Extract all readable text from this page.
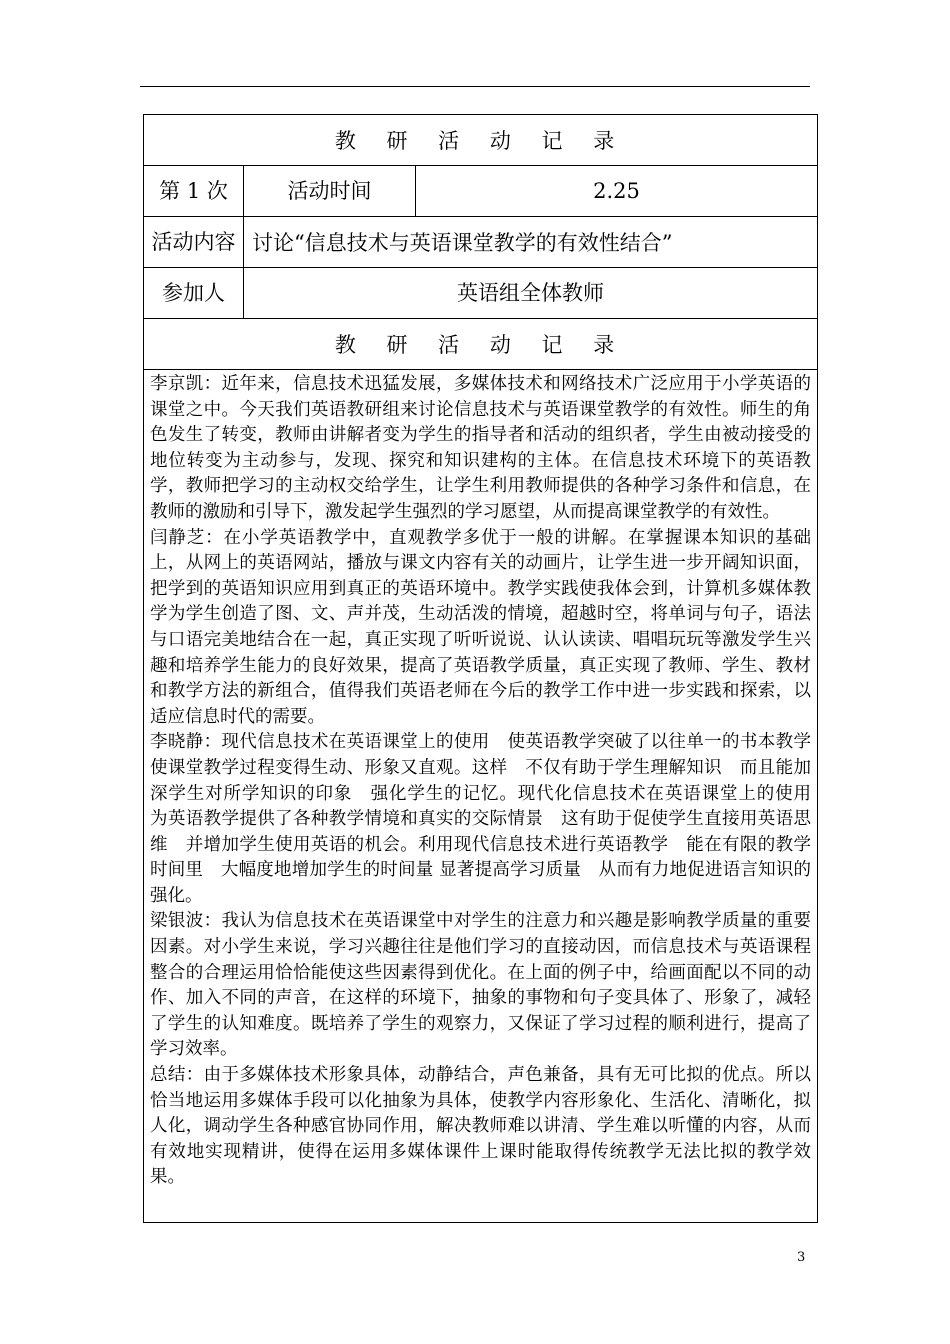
教 研 活 动 记 录		
第 1 次	活动时间	2.25
活动内容	讨论“信息技术与英语课堂教学的有效性结合”	
参加人	英语组全体教师	
教 研 活 动 记 录		

李京凯：近年来，信息技术迅猛发展，多媒体技术和网络技术广泛应用于小学英语的课堂之中。今天我们英语教研组来讨论信息技术与英语课堂教学的有效性。师生的角色发生了转变，教师由讲解者变为学生的指导者和活动的组织者，学生由被动接受的地位转变为主动参与，发现、探究和知识建构的主体。在信息技术环境下的英语教学，教师把学习的主动权交给学生，让学生利用教师提供的各种学习条件和信息，在教师的激励和引导下，激发起学生强烈的学习愿望，从而提高课堂教学的有效性。

闫静芝：在小学英语教学中，直观教学多优于一般的讲解。在掌握课本知识的基础上，从网上的英语网站，播放与课文内容有关的动画片，让学生进一步开阔知识面，把学到的英语知识应用到真正的英语环境中。教学实践使我体会到，计算机多媒体教学为学生创造了图、文、声并茂，生动活泼的情境，超越时空，将单词与句子，语法与口语完美地结合在一起，真正实现了听听说说、认认读读、唱唱玩玩等激发学生兴趣和培养学生能力的良好效果，提高了英语教学质量，真正实现了教师、学生、教材和教学方法的新组合，值得我们英语老师在今后的教学工作中进一步实践和探索，以适应信息时代的需要。

李晓静：现代信息技术在英语课堂上的使用　使英语教学突破了以往单一的书本教学　使课堂教学过程变得生动、形象又直观。这样　不仅有助于学生理解知识　而且能加深学生对所学知识的印象　强化学生的记忆。现代化信息技术在英语课堂上的使用　为英语教学提供了各种教学情境和真实的交际情景　这有助于促使学生直接用英语思维　并增加学生使用英语的机会。利用现代信息技术进行英语教学　能在有限的教学时间里　大幅度地增加学生的时间量 显著提高学习质量　从而有力地促进语言知识的强化。

梁银波：我认为信息技术在英语课堂中对学生的注意力和兴趣是影响教学质量的重要因素。对小学生来说，学习兴趣往往是他们学习的直接动因，而信息技术与英语课程整合的合理运用恰恰能使这些因素得到优化。在上面的例子中，给画面配以不同的动作、加入不同的声音，在这样的环境下，抽象的事物和句子变具体了、形象了，减轻了学生的认知难度。既培养了学生的观察力，又保证了学习过程的顺利进行，提高了学习效率。

总结：由于多媒体技术形象具体，动静结合，声色兼备，具有无可比拟的优点。所以恰当地运用多媒体手段可以化抽象为具体，使教学内容形象化、生活化、清晰化，拟人化，调动学生各种感官协同作用，解决教师难以讲清、学生难以听懂的内容，从而有效地实现精讲，使得在运用多媒体课件上课时能取得传统教学无法比拟的教学效果。		

3
